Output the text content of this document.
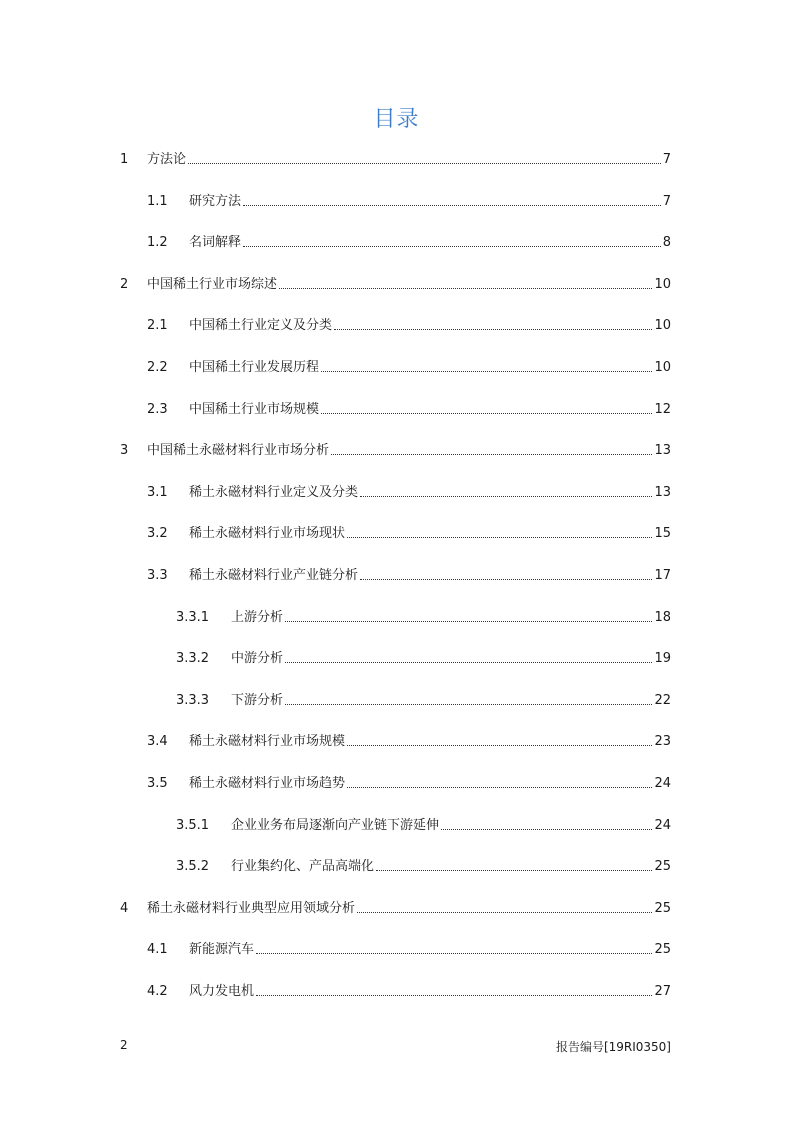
目录
1 方法论	7
1.1 研究方法	7
1.2 名词解释	8
2 中国稀土行业市场综述	10
2.1 中国稀土行业定义及分类	10
2.2 中国稀土行业发展历程	10
2.3 中国稀土行业市场规模	12
3 中国稀土永磁材料行业市场分析	13
3.1 稀土永磁材料行业定义及分类	13
3.2 稀土永磁材料行业市场现状	15
3.3 稀土永磁材料行业产业链分析	17
3.3.1 上游分析	18
3.3.2 中游分析	19
3.3.3 下游分析	22
3.4 稀土永磁材料行业市场规模	23
3.5 稀土永磁材料行业市场趋势	24
3.5.1 企业业务布局逐渐向产业链下游延伸	24
3.5.2 行业集约化、产品高端化	25
4 稀土永磁材料行业典型应用领域分析	25
4.1 新能源汽车	25
4.2 风力发电机	27
2	报告编号[19RI0350]
